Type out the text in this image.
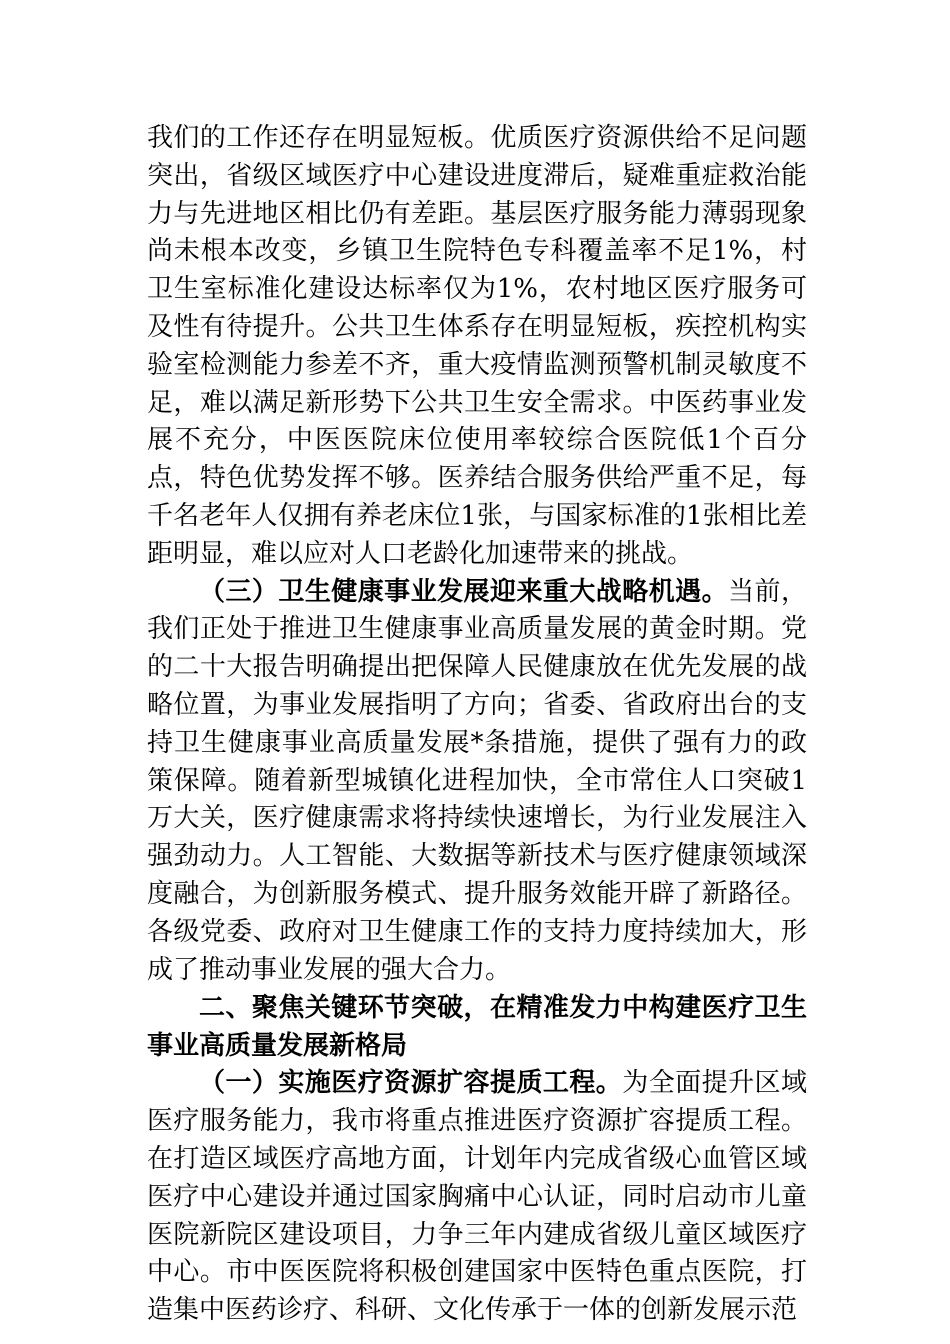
我们的工作还存在明显短板。优质医疗资源供给不足问题突出，省级区域医疗中心建设进度滞后，疑难重症救治能力与先进地区相比仍有差距。基层医疗服务能力薄弱现象尚未根本改变，乡镇卫生院特色专科覆盖率不足1%，村卫生室标准化建设达标率仅为1%，农村地区医疗服务可及性有待提升。公共卫生体系存在明显短板，疾控机构实验室检测能力参差不齐，重大疫情监测预警机制灵敏度不足，难以满足新形势下公共卫生安全需求。中医药事业发展不充分，中医医院床位使用率较综合医院低1个百分点，特色优势发挥不够。医养结合服务供给严重不足，每千名老年人仅拥有养老床位1张，与国家标准的1张相比差距明显，难以应对人口老龄化加速带来的挑战。

（三）卫生健康事业发展迎来重大战略机遇。当前，我们正处于推进卫生健康事业高质量发展的黄金时期。党的二十大报告明确提出把保障人民健康放在优先发展的战略位置，为事业发展指明了方向；省委、省政府出台的支持卫生健康事业高质量发展*条措施，提供了强有力的政策保障。随着新型城镇化进程加快，全市常住人口突破1万大关，医疗健康需求将持续快速增长，为行业发展注入强劲动力。人工智能、大数据等新技术与医疗健康领域深度融合，为创新服务模式、提升服务效能开辟了新路径。各级党委、政府对卫生健康工作的支持力度持续加大，形成了推动事业发展的强大合力。

二、聚焦关键环节突破，在精准发力中构建医疗卫生事业高质量发展新格局

（一）实施医疗资源扩容提质工程。为全面提升区域医疗服务能力，我市将重点推进医疗资源扩容提质工程。在打造区域医疗高地方面，计划年内完成省级心血管区域医疗中心建设并通过国家胸痛中心认证，同时启动市儿童医院新院区建设项目，力争三年内建成省级儿童区域医疗中心。市中医医院将积极创建国家中医特色重点医院，打造集中医药诊疗、科研、文化传承于一体的创新发展示范
